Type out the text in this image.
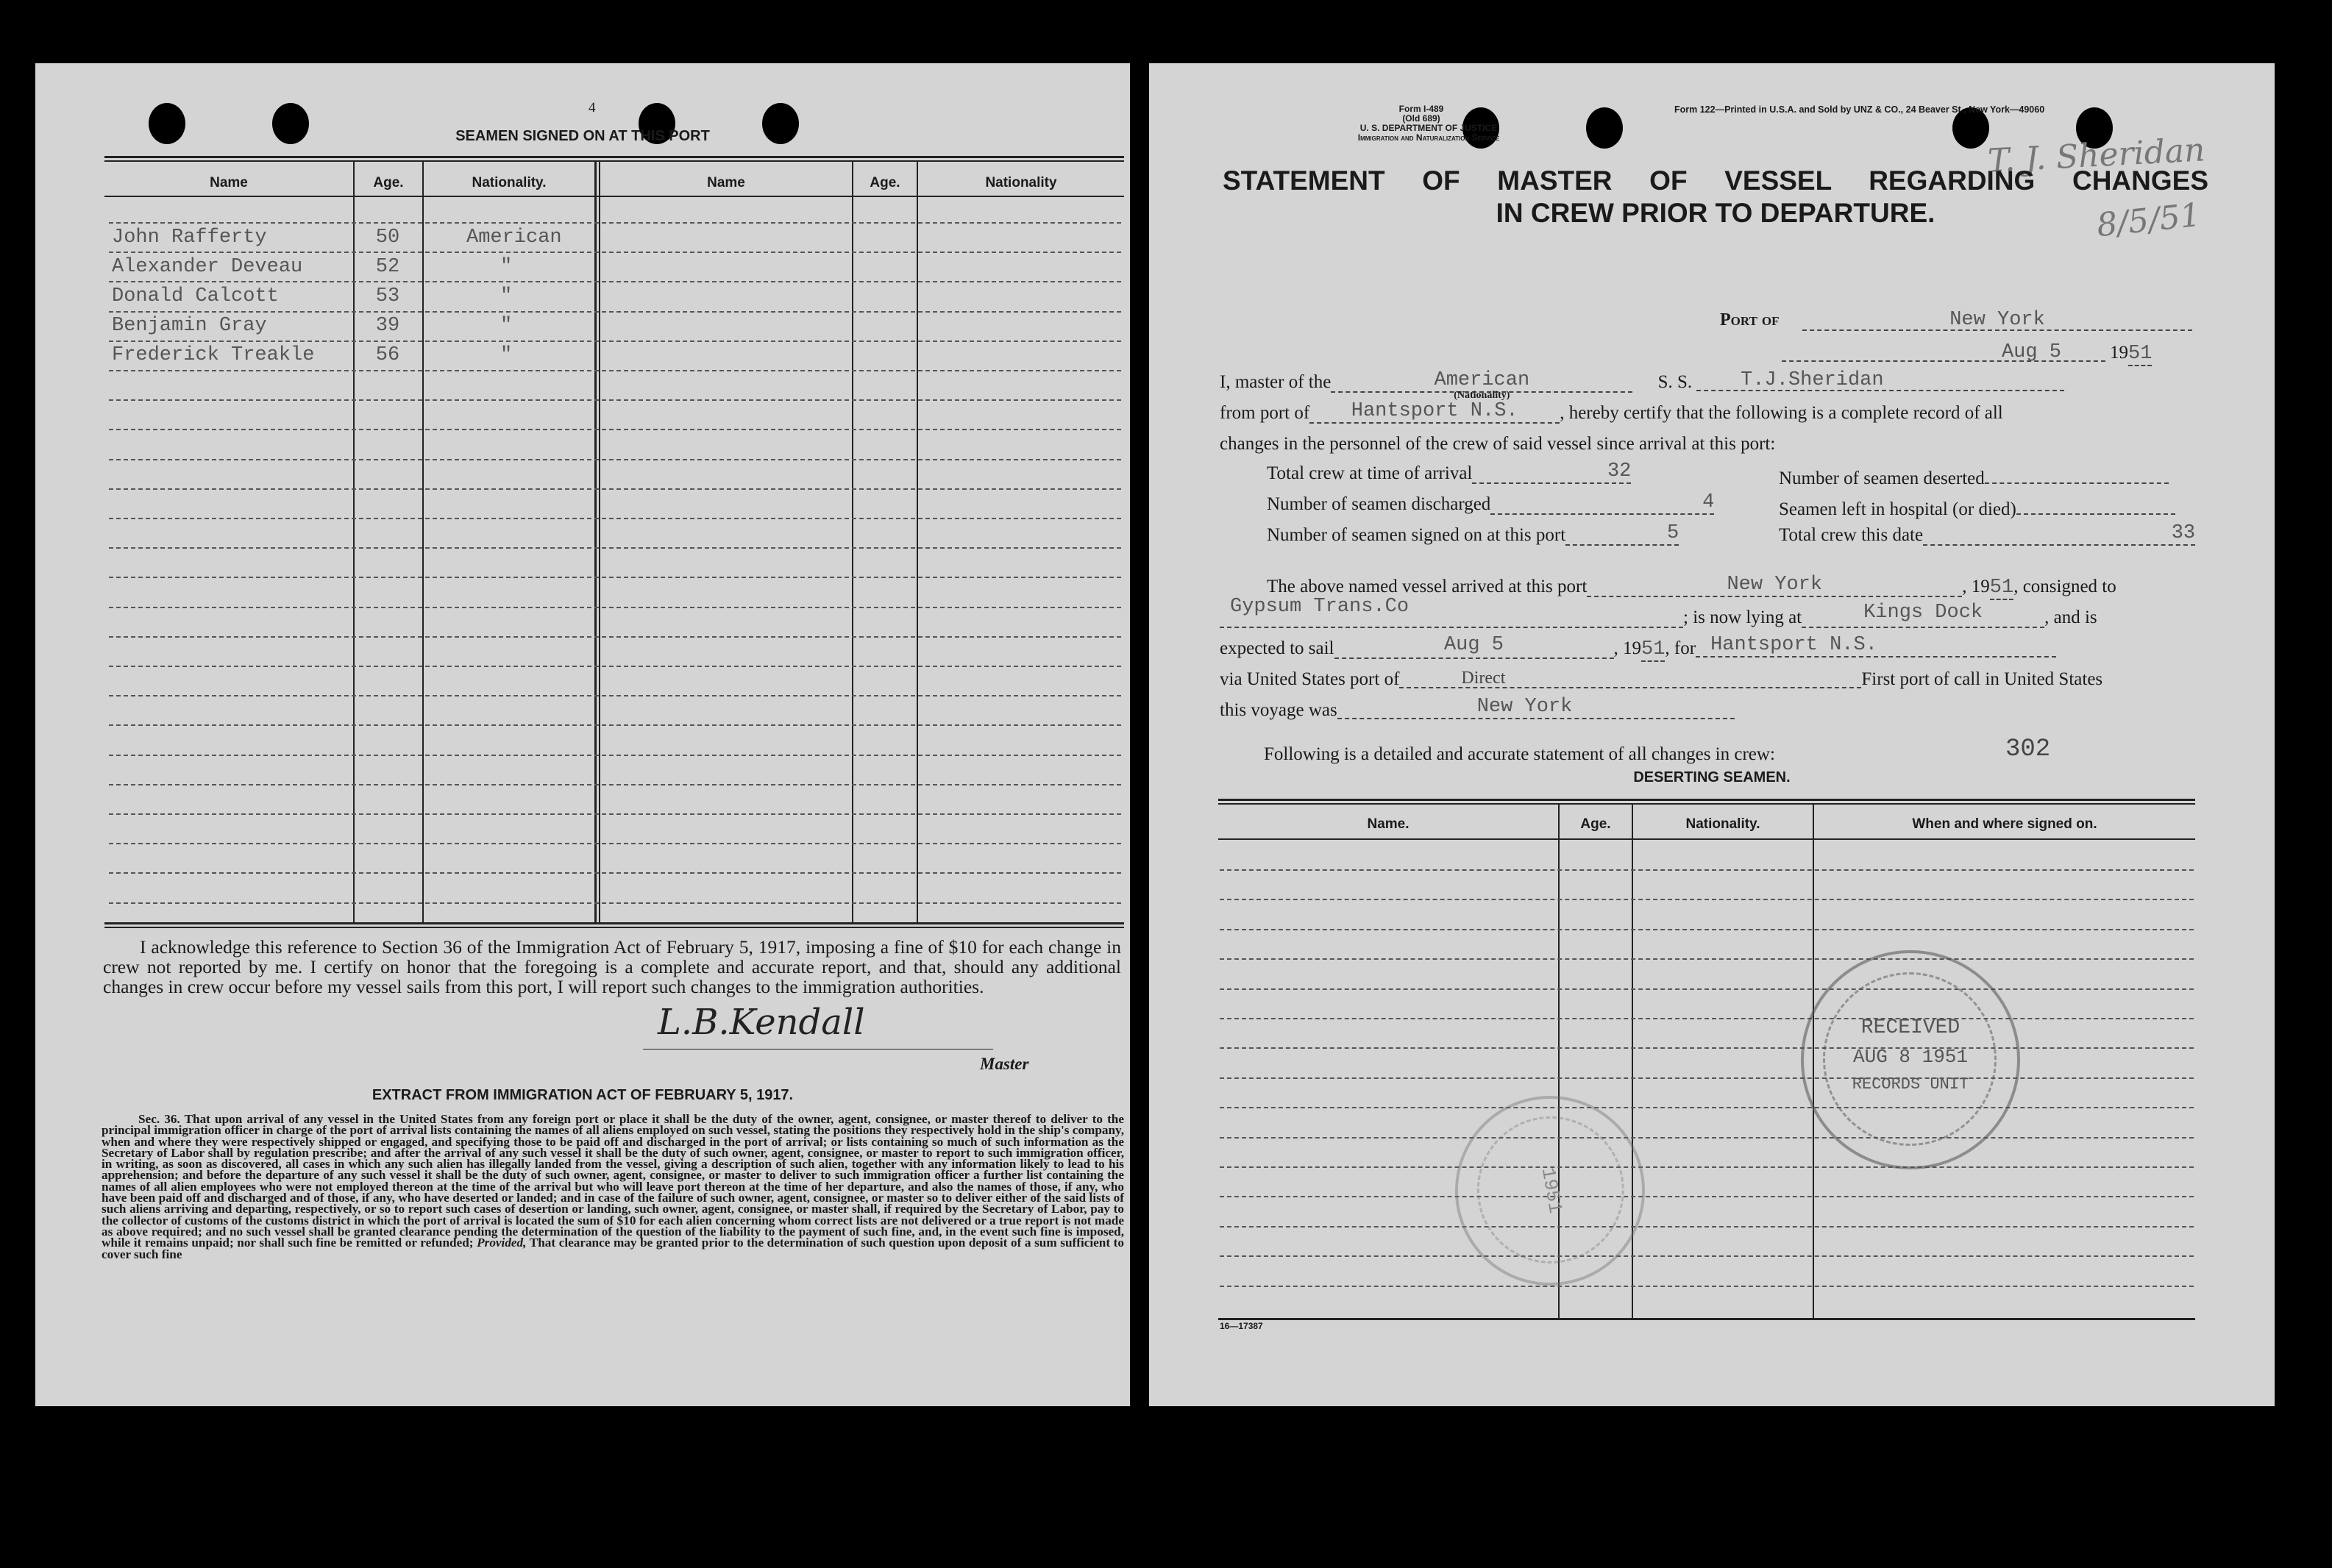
4
SEAMEN SIGNED ON AT THIS PORT
Name	Age.	Nationality.	Name	Age.	Nationality
John Rafferty	50	American
Alexander Deveau	52	"
Donald Calcott	53	"
Benjamin Gray	39	"
Frederick Treakle	56	"
I acknowledge this reference to Section 36 of the Immigration Act of February 5, 1917, imposing a fine of $10 for each change in crew not reported by me. I certify on honor that the foregoing is a complete and accurate report, and that, should any additional changes in crew occur before my vessel sails from this port, I will report such changes to the immigration authorities.
L.B.Kendall
Master
EXTRACT FROM IMMIGRATION ACT OF FEBRUARY 5, 1917.
Sec. 36. That upon arrival of any vessel in the United States from any foreign port or place it shall be the duty of the owner, agent, consignee, or master thereof to deliver to the principal immigration officer in charge of the port of arrival lists containing the names of all aliens employed on such vessel, stating the positions they respectively hold in the ship's company, when and where they were respectively shipped or engaged, and specifying those to be paid off and discharged in the port of arrival; or lists containing so much of such information as the Secretary of Labor shall by regulation prescribe; and after the arrival of any such vessel it shall be the duty of such owner, agent, consignee, or master to report to such immigration officer, in writing, as soon as discovered, all cases in which any such alien has illegally landed from the vessel, giving a description of such alien, together with any information likely to lead to his apprehension; and before the departure of any such vessel it shall be the duty of such owner, agent, consignee, or master to deliver to such immigration officer a further list containing the names of all alien employees who were not employed thereon at the time of the arrival but who will leave port thereon at the time of her departure, and also the names of those, if any, who have been paid off and discharged and of those, if any, who have deserted or landed; and in case of the failure of such owner, agent, consignee, or master so to deliver either of the said lists of such aliens arriving and departing, respectively, or so to report such cases of desertion or landing, such owner, agent, consignee, or master shall, if required by the Secretary of Labor, pay to the collector of customs of the customs district in which the port of arrival is located the sum of $10 for each alien concerning whom correct lists are not delivered or a true report is not made as above required; and no such vessel shall be granted clearance pending the determination of the question of the liability to the payment of such fine, and, in the event such fine is imposed, while it remains unpaid; nor shall such fine be remitted or refunded; Provided, That clearance may be granted prior to the determination of such question upon deposit of a sum sufficient to cover such fine
Form I-489
(Old 689)
U. S. DEPARTMENT OF JUSTICE
Immigration and Naturalization Service
Form 122—Printed in U.S.A. and Sold by UNZ & CO., 24 Beaver St., New York—49060
T. J. Sheridan
8/5/51
STATEMENT OF MASTER OF VESSEL REGARDING CHANGES
IN CREW PRIOR TO DEPARTURE.
Port of	New York
Aug 5	1951
I, master of the	American
(Nationality)
S. S. T.J.Sheridan
from port of Hantsport N.S. , hereby certify that the following is a complete record of all
changes in the personnel of the crew of said vessel since arrival at this port:
Total crew at time of arrival	32	Number of seamen deserted
Number of seamen discharged	4	Seamen left in hospital (or died)
Number of seamen signed on at this port	5	Total crew this date	33
The above named vessel arrived at this port	New York	, 1951, consigned to
Gypsum Trans.Co	; is now lying at	Kings Dock	, and is
expected to sail	Aug 5	, 1951, for Hantsport N.S.
via United States port of	Direct	First port of call in United States
this voyage was	New York
Following is a detailed and accurate statement of all changes in crew:	302
DESERTING SEAMEN.
Name.	Age.	Nationality.	When and where signed on.
16—17387
RECEIVED
AUG 8 1951
RECORDS UNIT
1951
